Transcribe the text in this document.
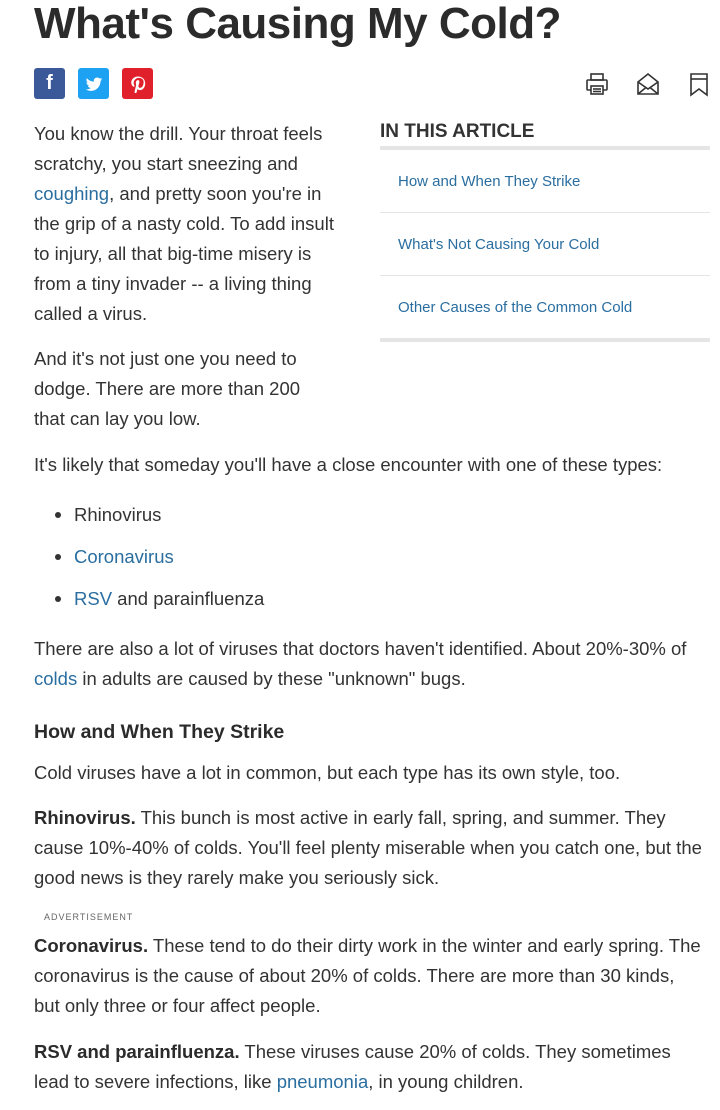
What's Causing My Cold?
f

You know the drill. Your throat feels scratchy, you start sneezing and coughing, and pretty soon you're in the grip of a nasty cold. To add insult to injury, all that big-time misery is from a tiny invader -- a living thing called a virus.

And it's not just one you need to dodge. There are more than 200 that can lay you low.

It's likely that someday you'll have a close encounter with one of these types:

IN THIS ARTICLE
How and When They Strike
What's Not Causing Your Cold
Other Causes of the Common Cold
Rhinovirus
Coronavirus
RSV and parainfluenza

There are also a lot of viruses that doctors haven't identified. About 20%-30% of colds in adults are caused by these "unknown" bugs.

How and When They Strike

Cold viruses have a lot in common, but each type has its own style, too.

Rhinovirus. This bunch is most active in early fall, spring, and summer. They cause 10%-40% of colds. You'll feel plenty miserable when you catch one, but the good news is they rarely make you seriously sick.

ADVERTISEMENT

Coronavirus. These tend to do their dirty work in the winter and early spring. The coronavirus is the cause of about 20% of colds. There are more than 30 kinds, but only three or four affect people.

RSV and parainfluenza. These viruses cause 20% of colds. They sometimes lead to severe infections, like pneumonia, in young children.
